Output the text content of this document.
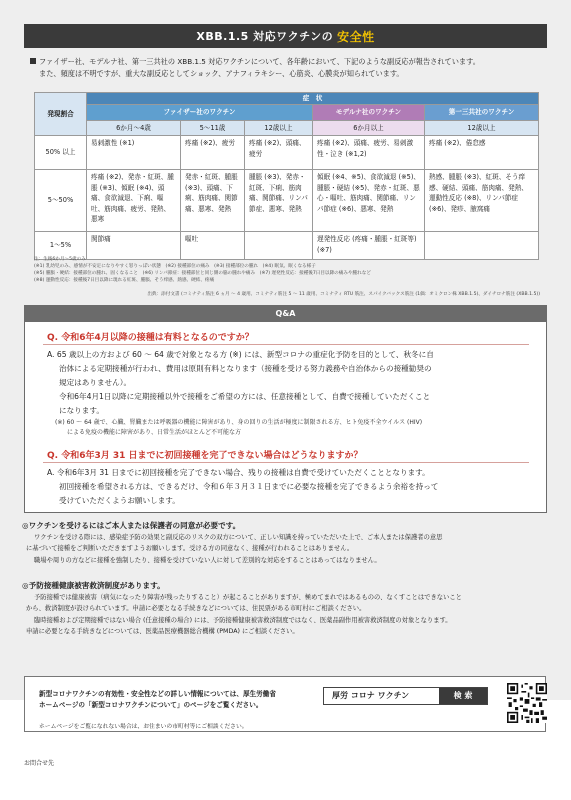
XBB.1.5 対応ワクチンの 安全性
ファイザー社、モデルナ社、第一三共社の XBB.1.5 対応ワクチンについて、各年齢において、下記のような副反応が報告されています。
また、頻度は不明ですが、重大な副反応としてショック、アナフィラキシー、心筋炎、心膜炎が知られています。
発現割合	症　状				
	ファイザー社のワクチン			モデルナ社のワクチン	第一三共社のワクチン
	6か月〜4歳	5〜11歳	12歳以上	6か月以上	12歳以上
50% 以上	易刺激性 (※1)	疼痛 (※2)、疲労	疼痛 (※2)、頭痛、疲労	疼痛 (※2)、頭痛、疲労、易刺激性・泣き (※1,2)	疼痛 (※2)、倦怠感
5〜50%	疼痛 (※2)、発赤・紅斑、腫脹 (※3)、傾眠 (※4)、頭痛、食欲減退、下痢、嘔吐、筋肉痛、疲労、発熱、悪寒	発赤・紅斑、腫脹 (※3)、頭痛、下痢、筋肉痛、関節痛、悪寒、発熱	腫脹 (※3)、発赤・紅斑、下痢、筋肉痛、関節痛、リンパ節症、悪寒、発熱	傾眠 (※4、※5)、食欲減退 (※5)、腫脹・硬結 (※5)、発赤・紅斑、悪心・嘔吐、筋肉痛、関節痛、リンパ節症 (※6)、悪寒、発熱	熱感、腫脹 (※3)、紅斑、そう痒感、硬結、頭痛、筋肉痛、発熱、運動性反応 (※8)、リンパ節症 (※6)、発疹、腋窩痛
1〜5%	関節痛	嘔吐		遅発性反応 (疼痛・腫脹・紅斑等) (※7)	
注：生後6か月〜5歳のみ
(※1) 乳幼児のみ、感情が不安定になりやすく怒りっぽい状態　(※2) 接種部位の痛み　(※3) 接種部位の腫れ　(※4) 眠気、眠くなる様子
(※5) 腫脹・硬結：接種部位の腫れ、固くなること　(※6) リンパ節症：接種部位と同じ側の脇の腫れや痛み　(※7) 遅発性反応：接種後7日目以降の痛みや腫れなど
(※8) 運動性反応：接種後7日目以降に現れる紅斑、腫脹、そう痒感、熱感、硬結、疼痛
出典：添付文書 (コミナティ筋注 6 ヵ月 〜 4 歳用、コミナティ筋注 5 〜 11 歳用、コミナティ RTU 筋注、スパイクバックス筋注 (1価：オミクロン株 XBB.1.5)、ダイチロナ筋注 (XBB.1.5))
Q&A
Q. 令和6年4月以降の接種は有料となるのですか？
A. 65 歳以上の方および 60 〜 64 歳で対象となる方 (※) には、新型コロナの重症化予防を目的として、秋冬に自
治体による定期接種が行われ、費用は原則有料となります（接種を受ける努力義務や自治体からの接種勧奨の
規定はありません）。
令和6年4月1日以降に定期接種以外で接種をご希望の方には、任意接種として、自費で接種していただくこと
になります。
(※) 60 〜 64 歳で、心臓、腎臓または呼吸器の機能に障害があり、身の回りの生活が極度に制限される方、ヒト免疫不全ウイルス (HIV)
による免疫の機能に障害があり、日常生活がほとんど不可能な方
Q. 令和6年3月 31 日までに初回接種を完了できない場合はどうなりますか？
A. 令和6年3月 31 日までに初回接種を完了できない場合、残りの接種は自費で受けていただくこととなります。
初回接種を希望される方は、できるだけ、令和６年３月３１日までに必要な接種を完了できるよう余裕を持って
受けていただくようお願いします。
◎ワクチンを受けるにはご本人または保護者の同意が必要です。
ワクチンを受ける際には、感染症予防の効果と副反応のリスクの双方について、正しい知識を持っていただいた上で、ご本人または保護者の意思
に基づいて接種をご判断いただきますようお願いします。受ける方の同意なく、接種が行われることはありません。
職場や周りの方などに接種を強制したり、接種を受けていない人に対して差別的な対応をすることはあってはなりません。
◎予防接種健康被害救済制度があります。
予防接種では健康被害（病気になったり障害が残ったりすること）が起こることがありますが、極めてまれではあるものの、なくすことはできないこと
から、救済制度が設けられています。申請に必要となる手続きなどについては、住民票がある市町村にご相談ください。
臨時接種および定期接種ではない場合 (任意接種の場合) には、予防接種健康被害救済制度ではなく、医薬品副作用被害救済制度の対象となります。
申請に必要となる手続きなどについては、医薬品医療機器総合機構 (PMDA) にご相談ください。
新型コロナワクチンの有効性・安全性などの詳しい情報については、厚生労働省
ホームページの「新型コロナワクチンについて」のページをご覧ください。
厚労 コロナ ワクチン	検 索
ホームページをご覧になれない場合は、お住まいの市町村等にご相談ください。
お問合せ先
